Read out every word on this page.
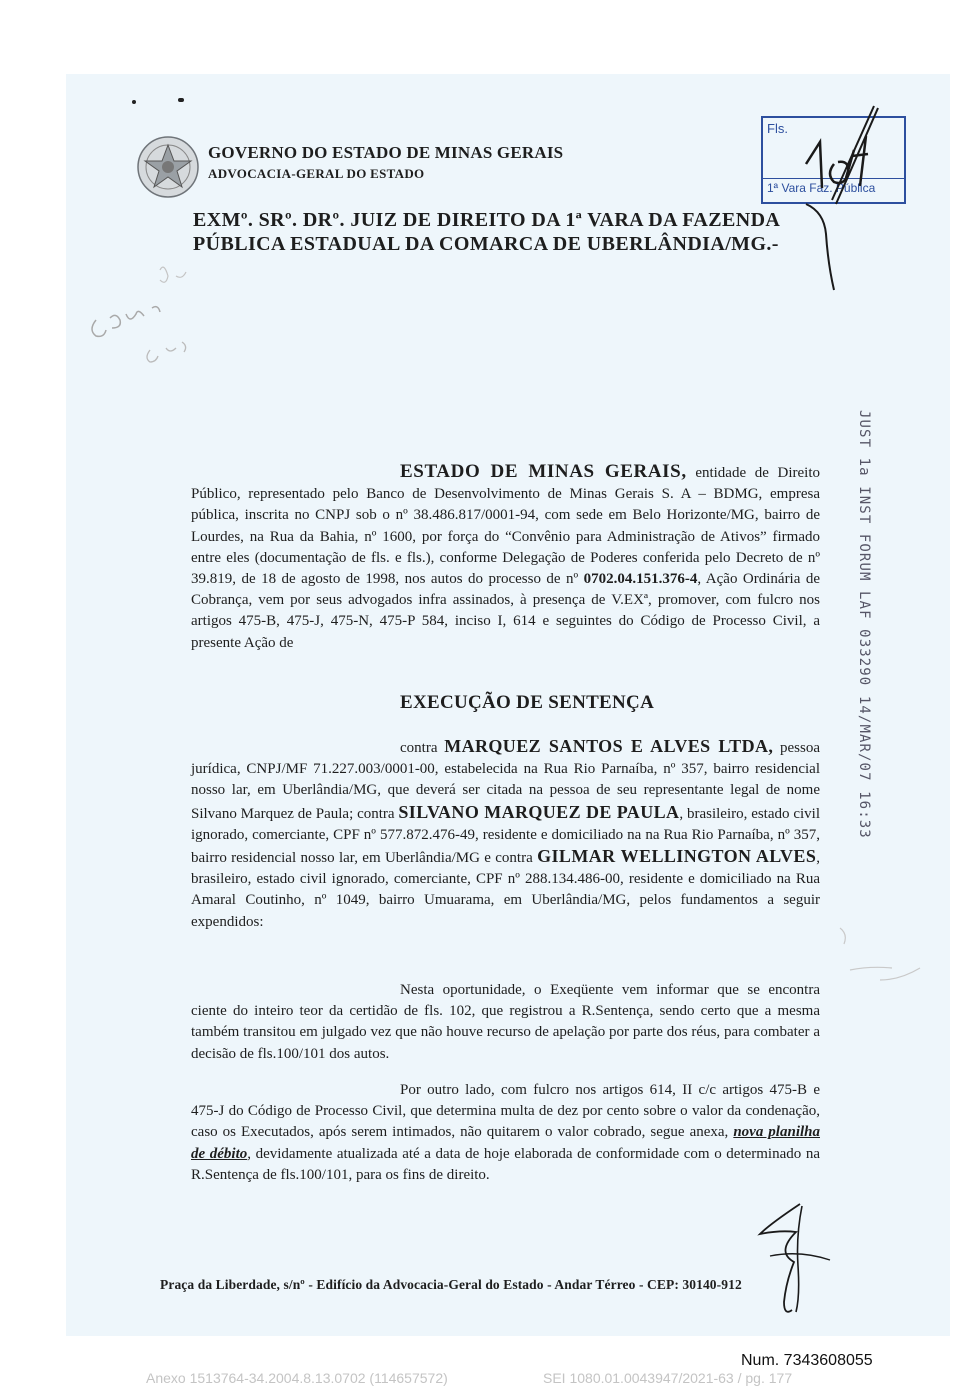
GOVERNO DO ESTADO DE MINAS GERAIS
ADVOCACIA-GERAL DO ESTADO
Fls.
1ª Vara Faz. Pública
EXMº. SRº. DRº. JUIZ DE DIREITO DA 1ª VARA DA FAZENDA
PÚBLICA ESTADUAL DA COMARCA DE UBERLÂNDIA/MG.-
JUST 1a INST FORUM LAF 033290 14/MAR/07 16:33
ESTADO DE MINAS GERAIS, entidade de Direito Público, representado pelo Banco de Desenvolvimento de Minas Gerais S. A – BDMG, empresa pública, inscrita no CNPJ sob o nº 38.486.817/0001-94, com sede em Belo Horizonte/MG, bairro de Lourdes, na Rua da Bahia, nº 1600, por força do “Convênio para Administração de Ativos” firmado entre eles (documentação de fls. e fls.), conforme Delegação de Poderes conferida pelo Decreto de nº 39.819, de 18 de agosto de 1998, nos autos do processo de nº 0702.04.151.376-4, Ação Ordinária de Cobrança, vem por seus advogados infra assinados, à presença de V.EXª, promover, com fulcro nos artigos 475-B, 475-J, 475-N, 475-P 584, inciso I, 614 e seguintes do Código de Processo Civil, a presente Ação de
EXECUÇÃO DE SENTENÇA
contra MARQUEZ SANTOS E ALVES LTDA, pessoa jurídica, CNPJ/MF 71.227.003/0001-00, estabelecida na Rua Rio Parnaíba, nº 357, bairro residencial nosso lar, em Uberlândia/MG, que deverá ser citada na pessoa de seu representante legal de nome Silvano Marquez de Paula; contra SILVANO MARQUEZ DE PAULA, brasileiro, estado civil ignorado, comerciante, CPF nº 577.872.476-49, residente e domiciliado na na Rua Rio Parnaíba, nº 357, bairro residencial nosso lar, em Uberlândia/MG e contra GILMAR WELLINGTON ALVES, brasileiro, estado civil ignorado, comerciante, CPF nº 288.134.486-00, residente e domiciliado na Rua Amaral Coutinho, nº 1049, bairro Umuarama, em Uberlândia/MG, pelos fundamentos a seguir expendidos:
Nesta oportunidade, o Exeqüente vem informar que se encontra ciente do inteiro teor da certidão de fls. 102, que registrou a R.Sentença, sendo certo que a mesma também transitou em julgado vez que não houve recurso de apelação por parte dos réus, para combater a decisão de fls.100/101 dos autos.
Por outro lado, com fulcro nos artigos 614, II c/c artigos 475-B e 475-J do Código de Processo Civil, que determina multa de dez por cento sobre o valor da condenação, caso os Executados, após serem intimados, não quitarem o valor cobrado, segue anexa, nova planilha de débito, devidamente atualizada até a data de hoje elaborada de conformidade com o determinado na R.Sentença de fls.100/101, para os fins de direito.
Praça da Liberdade, s/nº - Edifício da Advocacia-Geral do Estado - Andar Térreo - CEP: 30140-912
Num. 7343608055
Anexo 1513764-34.2004.8.13.0702 (114657572)	SEI 1080.01.0043947/2021-63 / pg. 177
